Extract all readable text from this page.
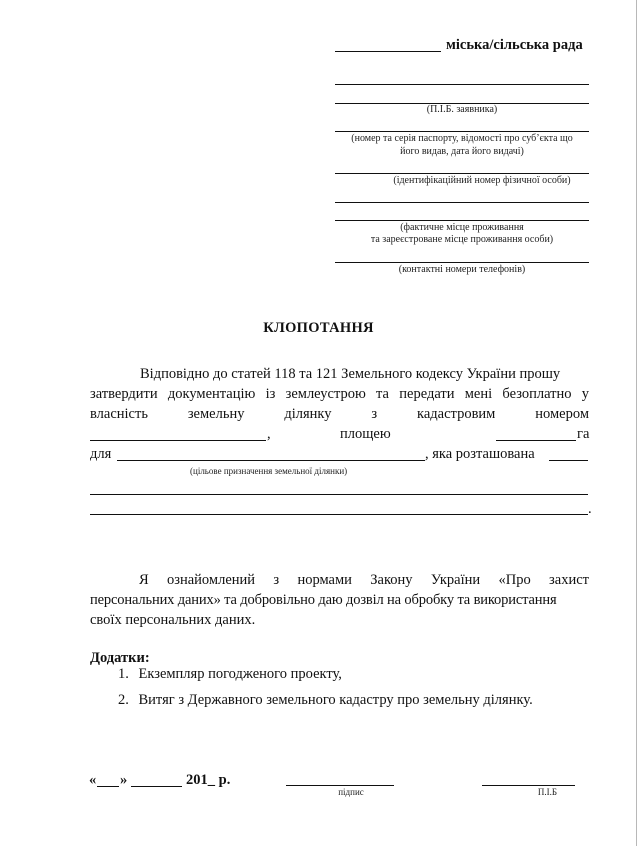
міська/сільська рада
(П.І.Б. заявника)
(номер та серія паспорту, відомості про суб’єкта що
його видав, дата його видачі)
(ідентифікаційний номер фізичної особи)
(фактичне місце проживання
та зареєстроване місце проживання особи)
(контактні номери телефонів)
КЛОПОТАННЯ
Відповідно до статей 118 та 121 Земельного кодексу України прошу
затвердити документацію із землеустрою та передати мені безоплатно у
власність	земельну	ділянку	з	кадастровим	номером
,	площею	га
для	, яка розташована
(цільове призначення земельної ділянки)
.
Я ознайомлений з нормами Закону України «Про захист
персональних даних» та добровільно даю дозвіл на обробку та використання
своїх персональних даних.
Додатки:
1. Екземпляр погодженого проекту,
2. Витяг з Державного земельного кадастру про земельну ділянку.
« »	201_ р.
підпис	П.І.Б
